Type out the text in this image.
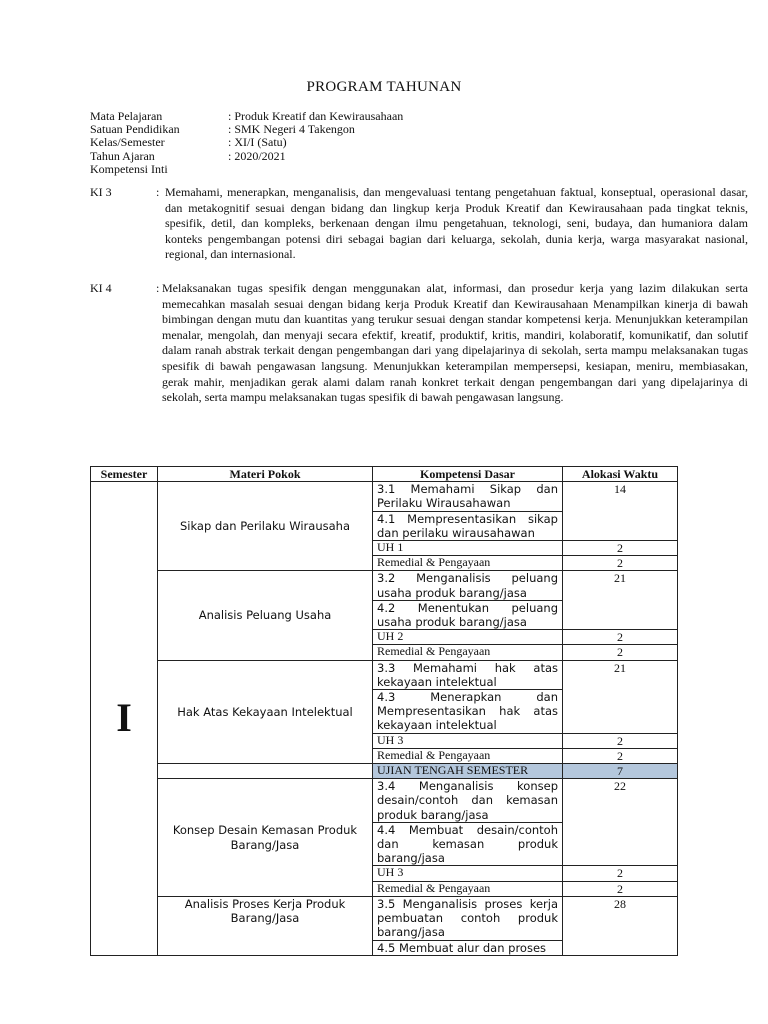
PROGRAM TAHUNAN
Mata Pelajaran	: Produk Kreatif dan Kewirausahaan
Satuan Pendidikan	: SMK Negeri 4 Takengon
Kelas/Semester	: XI/I (Satu)
Tahun Ajaran	: 2020/2021
Kompetensi Inti
KI 3	: Memahami, menerapkan, menganalisis, dan mengevaluasi tentang pengetahuan faktual, konseptual, operasional dasar, dan metakognitif sesuai dengan bidang dan lingkup kerja Produk Kreatif dan Kewirausahaan pada tingkat teknis, spesifik, detil, dan kompleks, berkenaan dengan ilmu pengetahuan, teknologi, seni, budaya, dan humaniora dalam konteks pengembangan potensi diri sebagai bagian dari keluarga, sekolah, dunia kerja, warga masyarakat nasional, regional, dan internasional.
KI 4	: Melaksanakan tugas spesifik dengan menggunakan alat, informasi, dan prosedur kerja yang lazim dilakukan serta memecahkan masalah sesuai dengan bidang kerja Produk Kreatif dan Kewirausahaan Menampilkan kinerja di bawah bimbingan dengan mutu dan kuantitas yang terukur sesuai dengan standar kompetensi kerja. Menunjukkan keterampilan menalar, mengolah, dan menyaji secara efektif, kreatif, produktif, kritis, mandiri, kolaboratif, komunikatif, dan solutif dalam ranah abstrak terkait dengan pengembangan dari yang dipelajarinya di sekolah, serta mampu melaksanakan tugas spesifik di bawah pengawasan langsung. Menunjukkan keterampilan mempersepsi, kesiapan, meniru, membiasakan, gerak mahir, menjadikan gerak alami dalam ranah konkret terkait dengan pengembangan dari yang dipelajarinya di sekolah, serta mampu melaksanakan tugas spesifik di bawah pengawasan langsung.
Semester	Materi Pokok	Kompetensi Dasar	Alokasi Waktu
I	Sikap dan Perilaku Wirausaha	3.1 Memahami Sikap dan Perilaku Wirausahawan	14
		4.1 Mempresentasikan sikap dan perilaku wirausahawan	
		UH 1	2
		Remedial & Pengayaan	2
	Analisis Peluang Usaha	3.2 Menganalisis peluang usaha produk barang/jasa	21
		4.2 Menentukan peluang usaha produk barang/jasa	
		UH 2	2
		Remedial & Pengayaan	2
	Hak Atas Kekayaan Intelektual	3.3 Memahami hak atas kekayaan intelektual	21
		4.3 Menerapkan dan Mempresentasikan hak atas kekayaan intelektual	
		UH 3	2
		Remedial & Pengayaan	2
		UJIAN TENGAH SEMESTER	7
	Konsep Desain Kemasan Produk Barang/Jasa	3.4 Menganalisis konsep desain/contoh dan kemasan produk barang/jasa	22
		4.4 Membuat desain/contoh dan kemasan produk barang/jasa	
		UH 3	2
		Remedial & Pengayaan	2
	Analisis Proses Kerja Produk Barang/Jasa	3.5 Menganalisis proses kerja pembuatan contoh produk barang/jasa	28
		4.5 Membuat alur dan proses	
